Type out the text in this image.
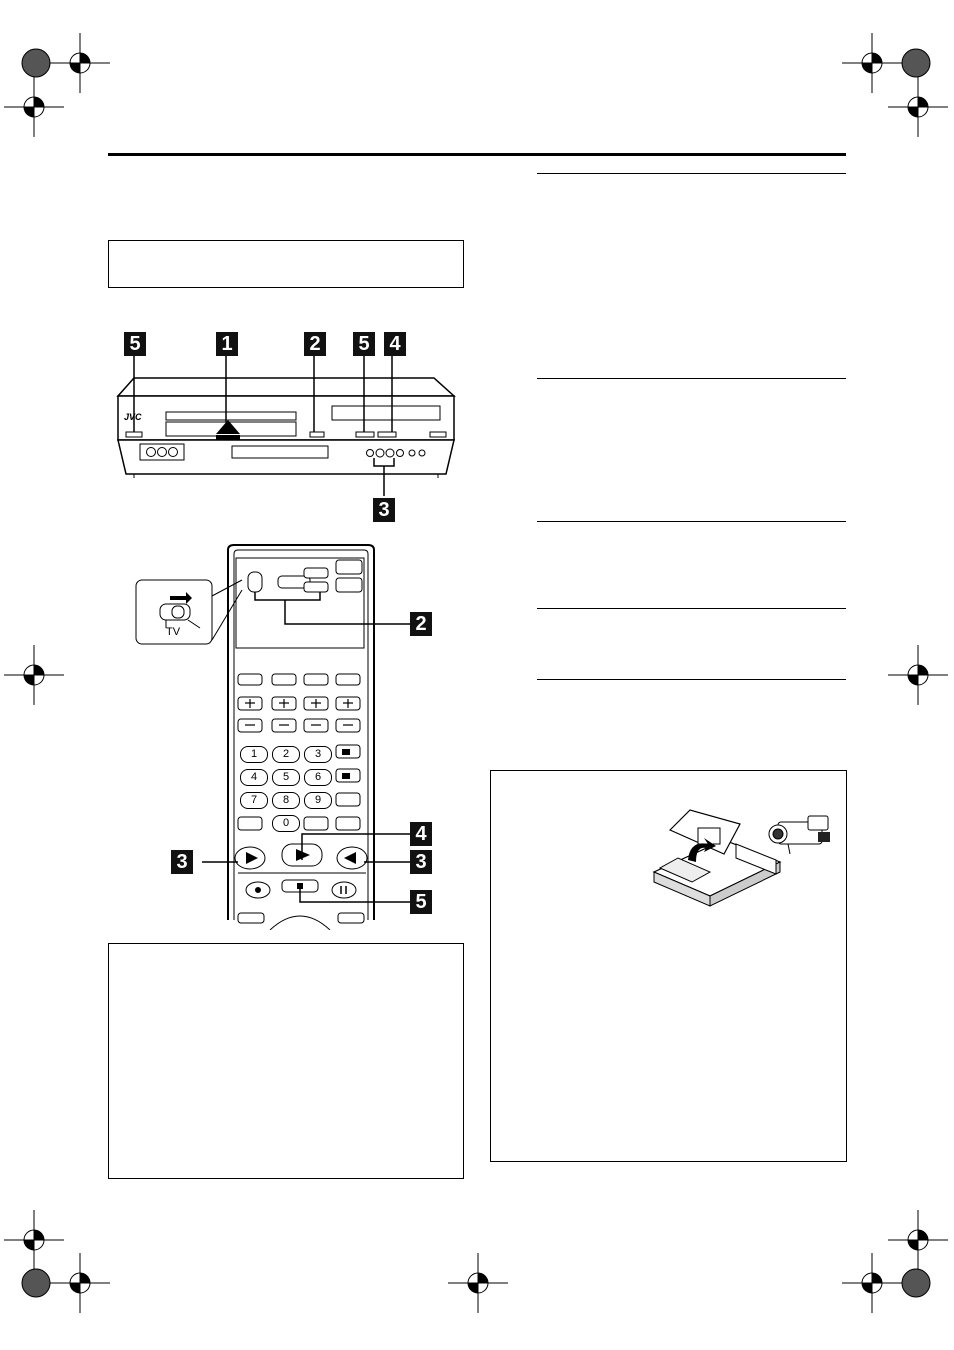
JVC
5	1	2 5 4
3
1	2	3
4	5	6
7	8	9
0
TV	2
4
3	3
5
